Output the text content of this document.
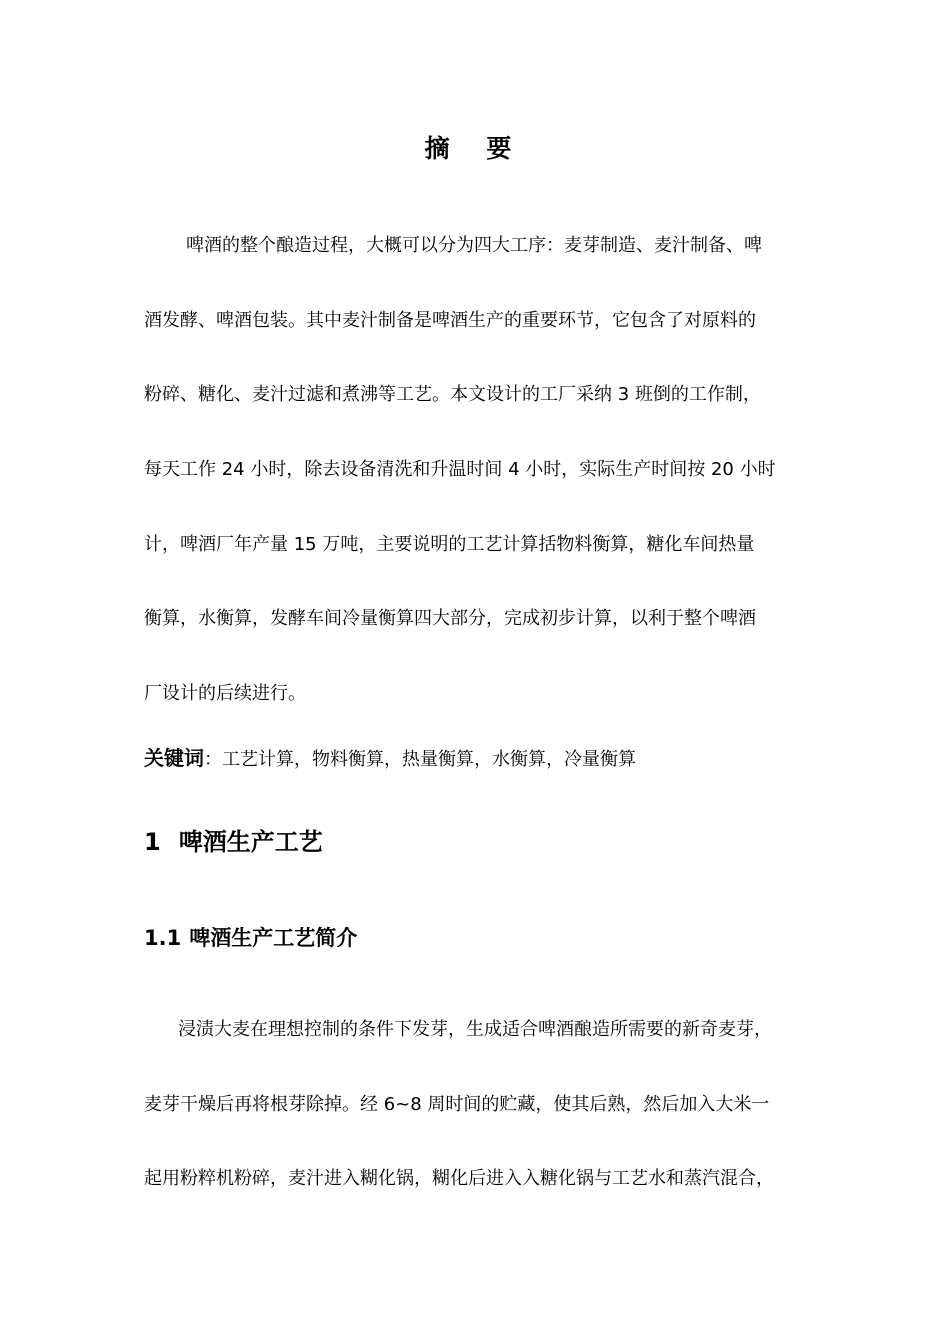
摘 要

啤酒的整个酿造过程，大概可以分为四大工序：麦芽制造、麦汁制备、啤

酒发酵、啤酒包装。其中麦汁制备是啤酒生产的重要环节，它包含了对原料的

粉碎、糖化、麦汁过滤和煮沸等工艺。本文设计的工厂采纳 3 班倒的工作制，

每天工作 24 小时，除去设备清洗和升温时间 4 小时，实际生产时间按 20 小时

计，啤酒厂年产量 15 万吨，主要说明的工艺计算括物料衡算，糖化车间热量

衡算，水衡算，发酵车间冷量衡算四大部分，完成初步计算，以利于整个啤酒

厂设计的后续进行。

关键词：工艺计算，物料衡算，热量衡算，水衡算，冷量衡算

1 啤酒生产工艺
1.1 啤酒生产工艺简介

浸渍大麦在理想控制的条件下发芽，生成适合啤酒酿造所需要的新奇麦芽，

麦芽干燥后再将根芽除掉。经 6~8 周时间的贮藏，使其后熟，然后加入大米一

起用粉粹机粉碎，麦汁进入糊化锅，糊化后进入入糖化锅与工艺水和蒸汽混合，
